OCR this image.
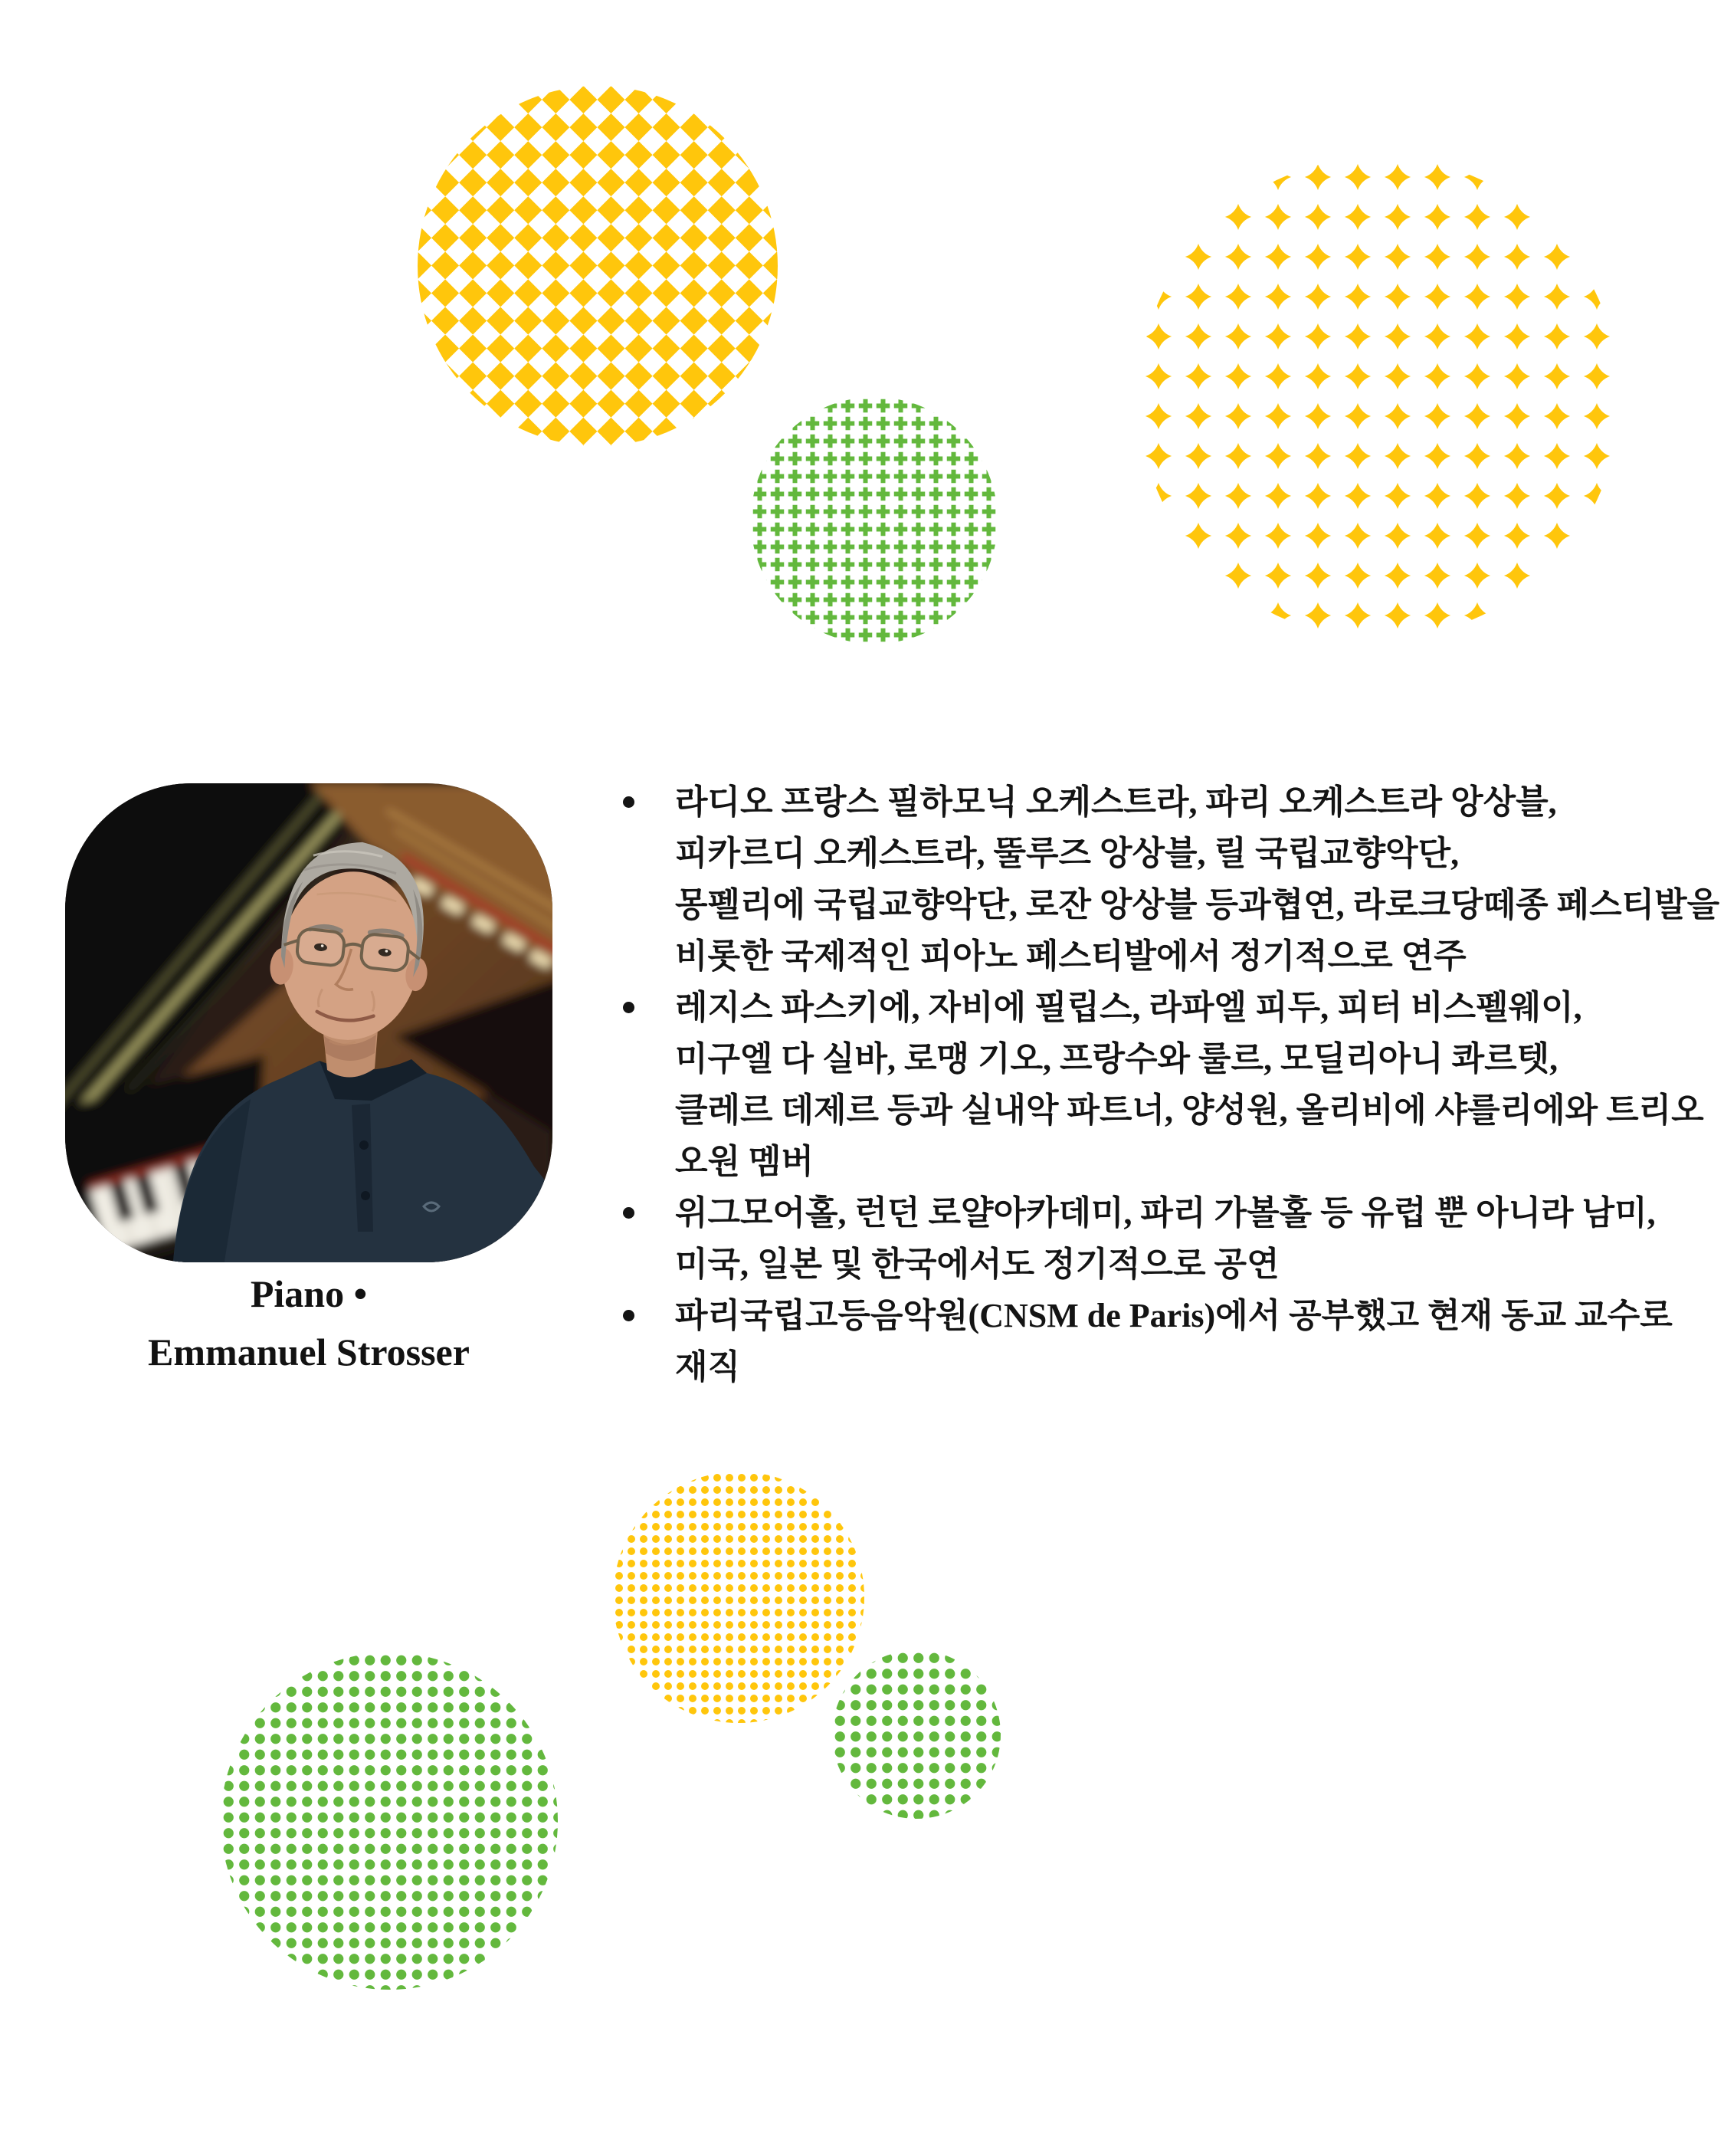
Piano •
Emmanuel Strosser
라디오 프랑스 필하모닉 오케스트라, 파리 오케스트라 앙상블,
피카르디 오케스트라, 뚤루즈 앙상블, 릴 국립교향악단,
몽펠리에 국립교향악단, 로잔 앙상블 등과협연, 라로크당떼종 페스티발을
비롯한 국제적인 피아노 페스티발에서 정기적으로 연주
레지스 파스키에, 자비에 필립스, 라파엘 피두, 피터 비스펠웨이,
미구엘 다 실바, 로맹 기오, 프랑수와 룰르, 모딜리아니 콰르텟,
클레르 데제르 등과 실내악 파트너, 양성원, 올리비에 샤를리에와 트리오
오원 멤버
위그모어홀, 런던 로얄아카데미, 파리 가볼홀 등 유럽 뿐 아니라 남미,
미국, 일본 및 한국에서도 정기적으로 공연
파리국립고등음악원(CNSM de Paris)에서 공부했고 현재 동교 교수로
재직
